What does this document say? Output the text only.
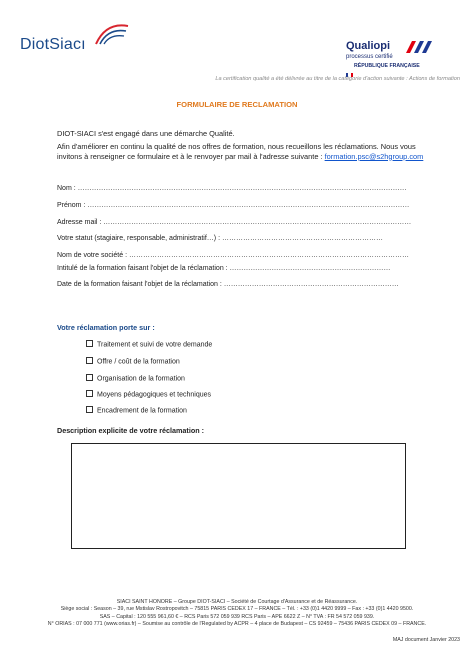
DiotSiacı	Qualiopi
processus certifié
RÉPUBLIQUE FRANÇAISE
La certification qualité a été délivrée au titre de la catégorie d'action suivante : Actions de formation
FORMULAIRE DE RECLAMATION
DIOT-SIACI s'est engagé dans une démarche Qualité.
Afin d'améliorer en continu la qualité de nos offres de formation, nous recueillons les réclamations. Nous vous invitons à renseigner ce formulaire et à le renvoyer par mail à l'adresse suivante : formation.psc@s2hgroup.com
Nom : ……………………………………………………………………………………………………………………………
Prénom : …………………………………………………………………………………………………………………………
Adresse mail : ……………………………………………………………………………………………………………………
Votre statut (stagiaire, responsable, administratif…) : ……………………………………………………………
Nom de votre société : …………………………………………………………………………………………………………
Intitulé de la formation faisant l'objet de la réclamation : ……………………………………………………………
Date de la formation faisant l'objet de la réclamation : …………………………………………………………………
Votre réclamation porte sur :
Traitement et suivi de votre demande
Offre / coût de la formation
Organisation de la formation
Moyens pédagogiques et techniques
Encadrement de la formation
Description explicite de votre réclamation :
SIACI SAINT HONORE – Groupe DIOT-SIACI – Société de Courtage d'Assurance et de Réassurance.
Siège social : Season – 39, rue Mstislav Rostropovitch – 75815 PARIS CEDEX 17 – FRANCE – Tél. : +33 (0)1 4420 9999 – Fax : +33 (0)1 4420 9500.
SAS – Capital : 120 555 961,60 € – RCS Paris 572 059 939 RCS Paris – APE 6622 Z – N° TVA : FR 54 572 059 939.
N° ORIAS : 07 000 771 (www.orias.fr) – Soumise au contrôle de l'Regulated by ACPR – 4 place de Budapest – CS 92459 – 75436 PARIS CEDEX 09 – FRANCE.
MAJ document Janvier 2023
